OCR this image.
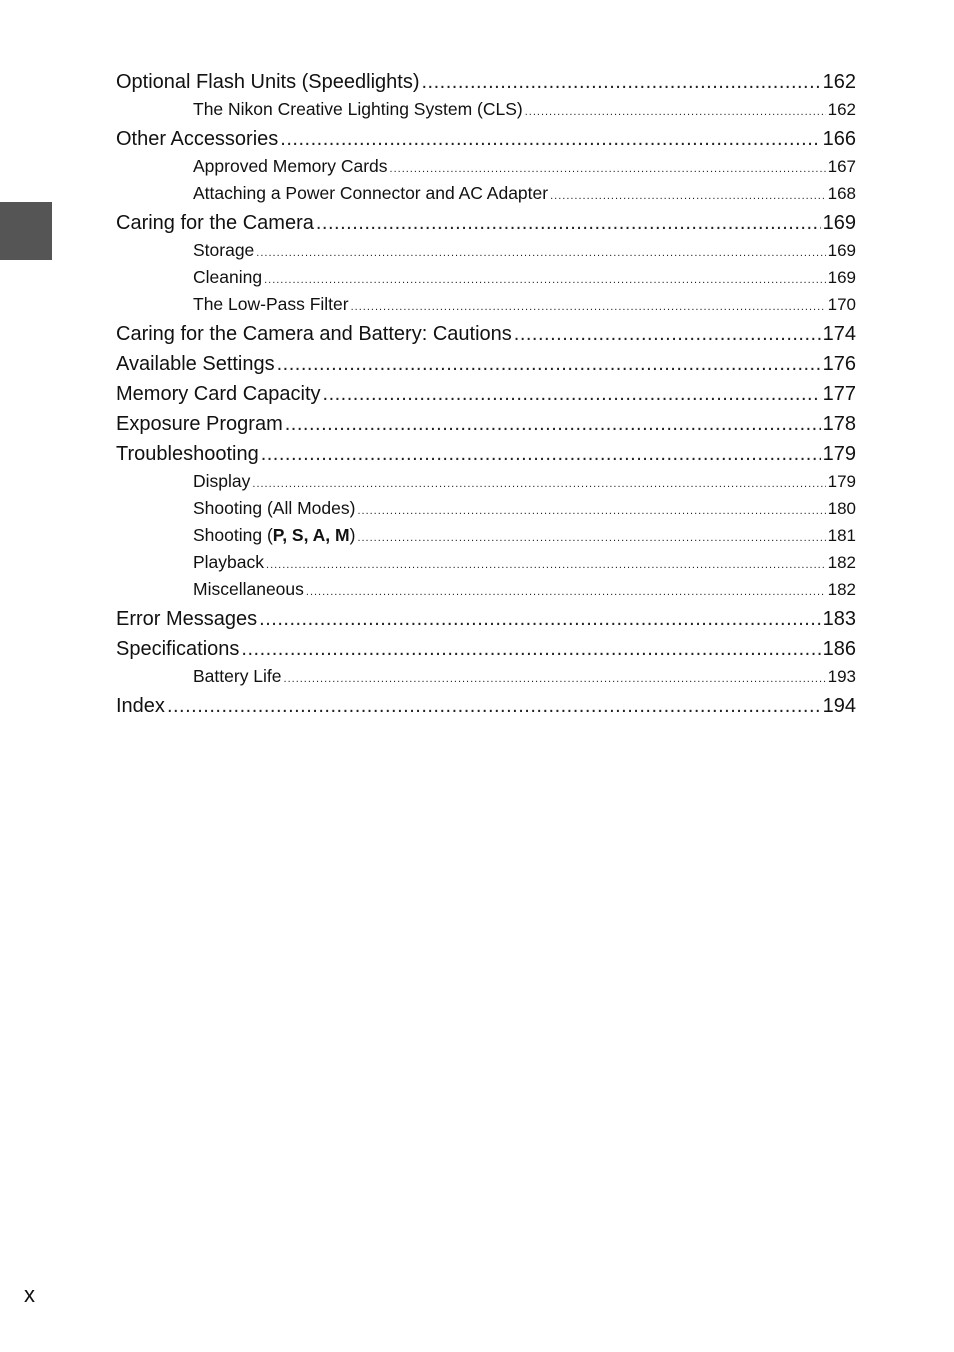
Optional Flash Units (Speedlights) .....	162
The Nikon Creative Lighting System (CLS) .....	162
Other Accessories .....	166
Approved Memory Cards .....	167
Attaching a Power Connector and AC Adapter .....	168
Caring for the Camera .....	169
Storage .....	169
Cleaning .....	169
The Low-Pass Filter .....	170
Caring for the Camera and Battery: Cautions .....	174
Available Settings .....	176
Memory Card Capacity .....	177
Exposure Program .....	178
Troubleshooting .....	179
Display .....	179
Shooting (All Modes) .....	180
Shooting (P, S, A, M) .....	181
Playback .....	182
Miscellaneous .....	182
Error Messages .....	183
Specifications .....	186
Battery Life .....	193
Index .....	194
x
